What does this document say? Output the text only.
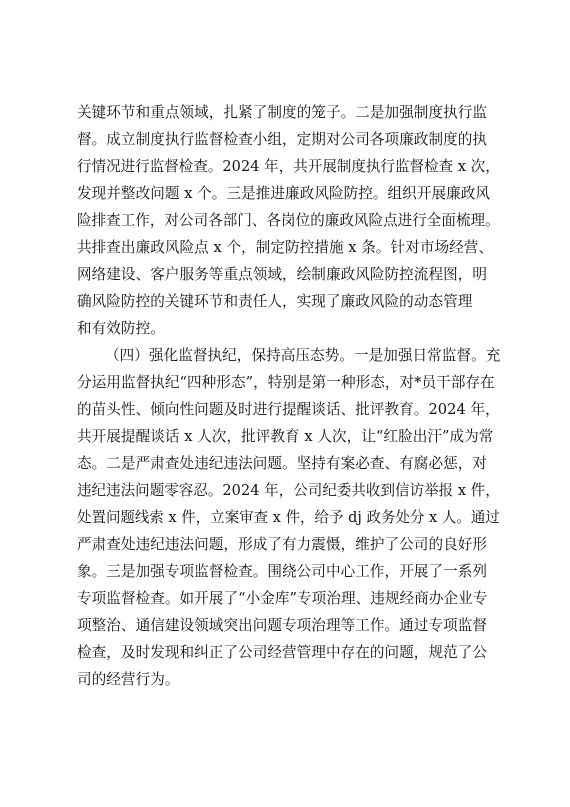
关键环节和重点领域，扎紧了制度的笼子。二是加强制度执行监
督。成立制度执行监督检查小组，定期对公司各项廉政制度的执
行情况进行监督检查。2024 年，共开展制度执行监督检查 x 次，
发现并整改问题 x 个。三是推进廉政风险防控。组织开展廉政风
险排查工作，对公司各部门、各岗位的廉政风险点进行全面梳理。
共排查出廉政风险点 x 个，制定防控措施 x 条。针对市场经营、
网络建设、客户服务等重点领域，绘制廉政风险防控流程图，明
确风险防控的关键环节和责任人，实现了廉政风险的动态管理
和有效防控。
（四）强化监督执纪，保持高压态势。一是加强日常监督。充
分运用监督执纪“四种形态”，特别是第一种形态，对*员干部存在
的苗头性、倾向性问题及时进行提醒谈话、批评教育。2024 年，
共开展提醒谈话 x 人次，批评教育 x 人次，让“红脸出汗”成为常
态。二是严肃查处违纪违法问题。坚持有案必查、有腐必惩，对
违纪违法问题零容忍。2024 年，公司纪委共收到信访举报 x 件，
处置问题线索 x 件，立案审查 x 件，给予 dj 政务处分 x 人。通过
严肃查处违纪违法问题，形成了有力震慑，维护了公司的良好形
象。三是加强专项监督检查。围绕公司中心工作，开展了一系列
专项监督检查。如开展了“小金库”专项治理、违规经商办企业专
项整治、通信建设领域突出问题专项治理等工作。通过专项监督
检查，及时发现和纠正了公司经营管理中存在的问题，规范了公
司的经营行为。
